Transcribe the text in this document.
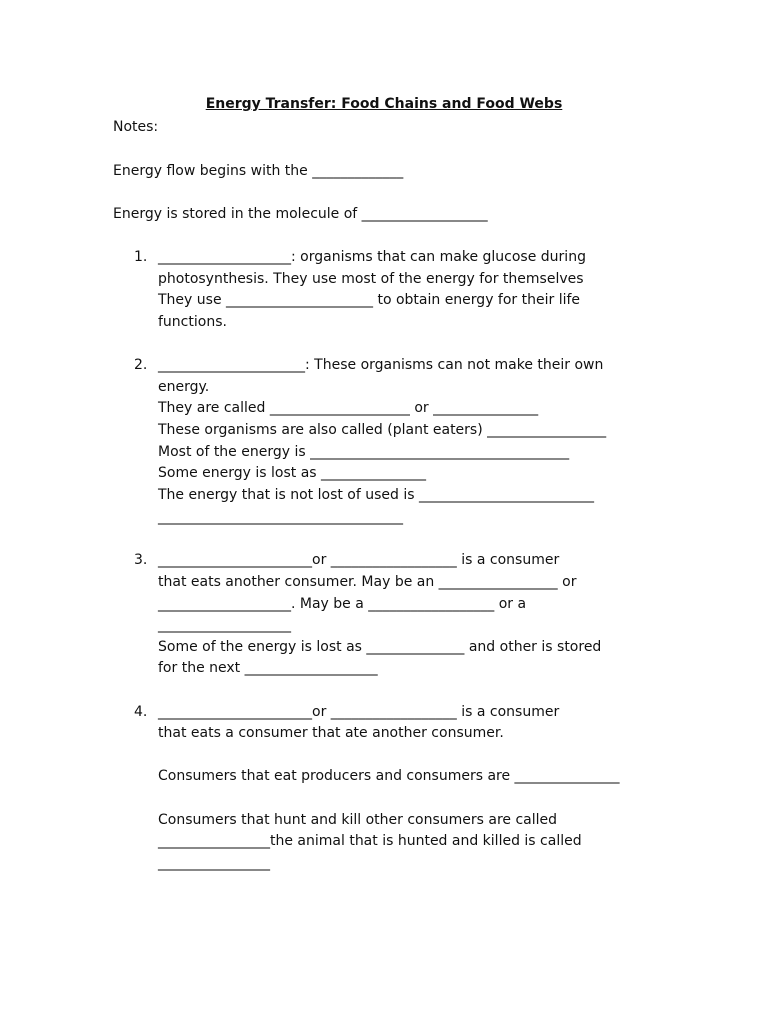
Energy Transfer: Food Chains and Food Webs
Notes:
Energy flow begins with the _____________
Energy is stored in the molecule of __________________
1. ___________________: organisms that can make glucose during
photosynthesis. They use most of the energy for themselves
They use _____________________ to obtain energy for their life
functions.
2. _____________________: These organisms can not make their own
energy.
They are called ____________________ or _______________
These organisms are also called (plant eaters) _________________
Most of the energy is _____________________________________
Some energy is lost as _______________
The energy that is not lost of used is _________________________
___________________________________
3. ______________________or __________________ is a consumer
that eats another consumer. May be an _________________ or
___________________. May be a __________________ or a
___________________
Some of the energy is lost as ______________ and other is stored
for the next ___________________
4. ______________________or __________________ is a consumer
that eats a consumer that ate another consumer.
Consumers that eat producers and consumers are _______________
Consumers that hunt and kill other consumers are called
________________the animal that is hunted and killed is called
________________
